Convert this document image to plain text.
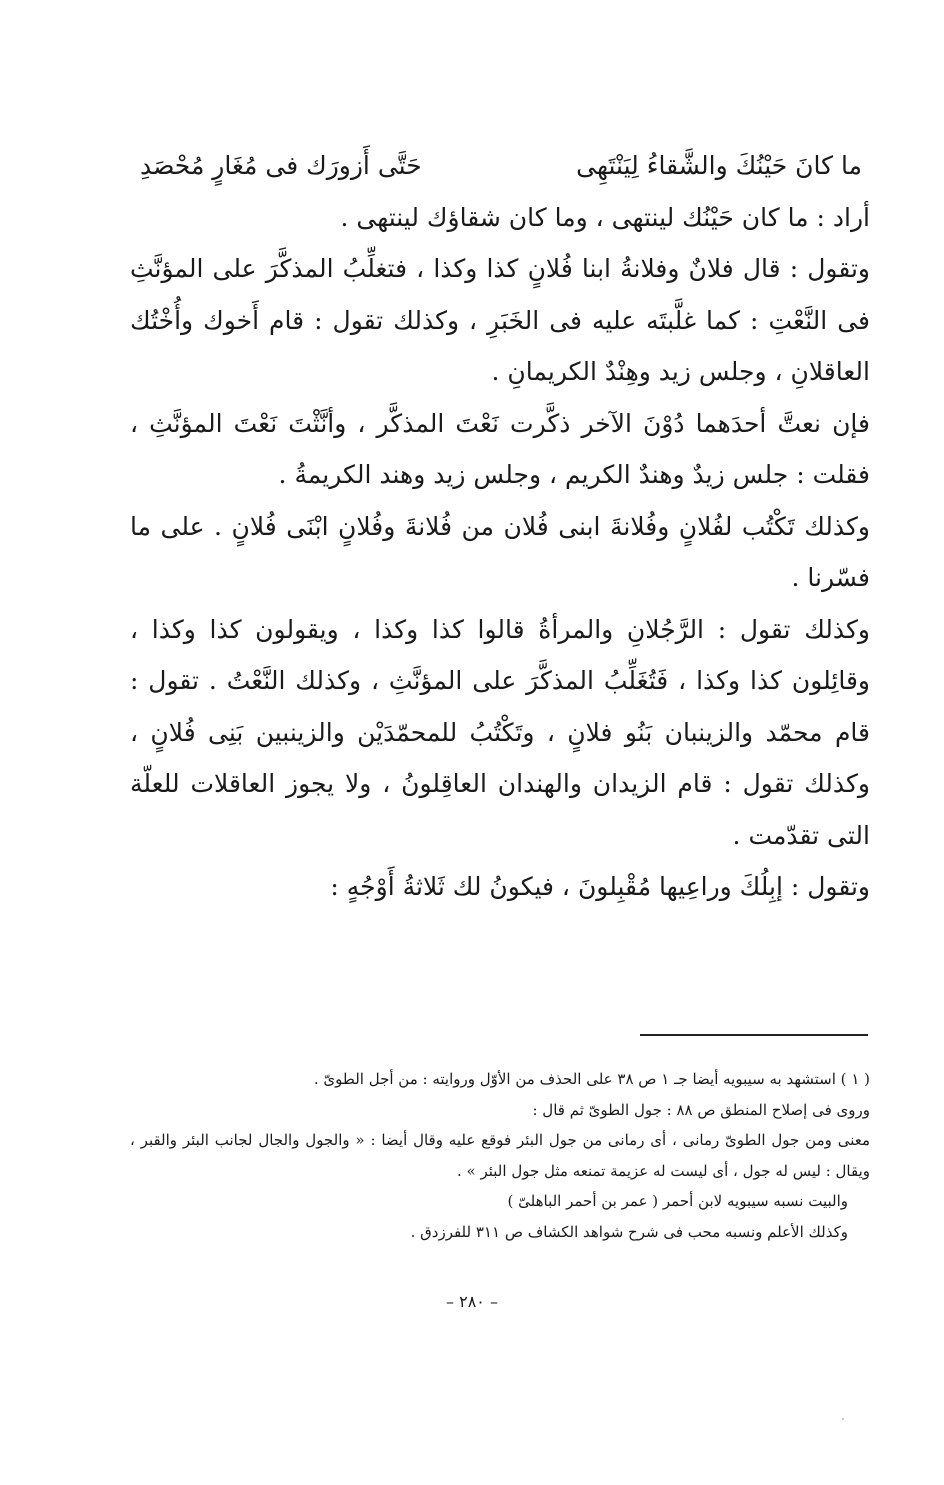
ما كانَ حَيْنُكَ والشَّقاءُ لِيَنْتَهِى
حَتَّى أَزورَك فى مُغَارٍ مُحْصَدِ

أراد : ما كان حَيْنُك لينتهى ، وما كان شقاؤك لينتهى .

وتقول : قال فلانٌ وفلانةُ ابنا فُلانٍ كذا وكذا ، فتغلِّبُ المذكَّرَ على المؤنَّثِ فى النَّعْتِ : كما غلَّبتَه عليه فى الخَبَرِ ، وكذلك تقول : قام أَخوك وأُخْتُك العاقلانِ ، وجلس زيد وهِنْدٌ الكريمانِ .

فإن نعتَّ أحدَهما دُوْنَ الآخر ذكَّرت نَعْتَ المذكَّر ، وأنَّثْتَ نَعْتَ المؤنَّثِ ، فقلت : جلس زيدٌ وهندٌ الكريم ، وجلس زيد وهند الكريمةُ .

وكذلك تَكْتُب لفُلانٍ وفُلانةَ ابنى فُلان من فُلانةَ وفُلانٍ ابْنَى فُلانٍ . على ما فسّرنا .

وكذلك تقول : الرَّجُلانِ والمرأةُ قالوا كذا وكذا ، ويقولون كذا وكذا ، وقائِلون كذا وكذا ، فَتُغَلِّبُ المذكَّرَ على المؤنَّثِ ، وكذلك النَّعْتُ . تقول : قام محمّد والزينبان بَنُو فلانٍ ، وتَكْتُبُ للمحمّدَيْن والزينبين بَنِى فُلانٍ ، وكذلك تقول : قام الزيدان والهندان العاقِلونُ ، ولا يجوز العاقلات للعلّة التى تقدّمت .

وتقول : إبِلُكَ وراعِيها مُقْبِلونَ ، فيكونُ لك ثَلاثةُ أَوْجُهٍ :

( ١ ) استشهد به سيبويه أيضا جـ ١ ص ٣٨ على الحذف من الأوّل وروايته : من أجل الطوىّ .

وروى فى إصلاح المنطق ص ٨٨ : جول الطوىّ ثم قال :

معنى ومن جول الطوىّ رمانى ، أى رمانى من جول البئر فوقع عليه وقال أيضا : « والجول والجال لجانب البئر والقبر ، ويقال : ليس له جول ، أى ليست له عزيمة تمنعه مثل جول البئر » .

والبيت نسبه سيبويه لابن أحمر ( عمر بن أحمر الباهلىّ )

وكذلك الأعلم ونسبه محب فى شرح شواهد الكشاف ص ٣١١ للفرزدق .

– ٢٨٠ –
